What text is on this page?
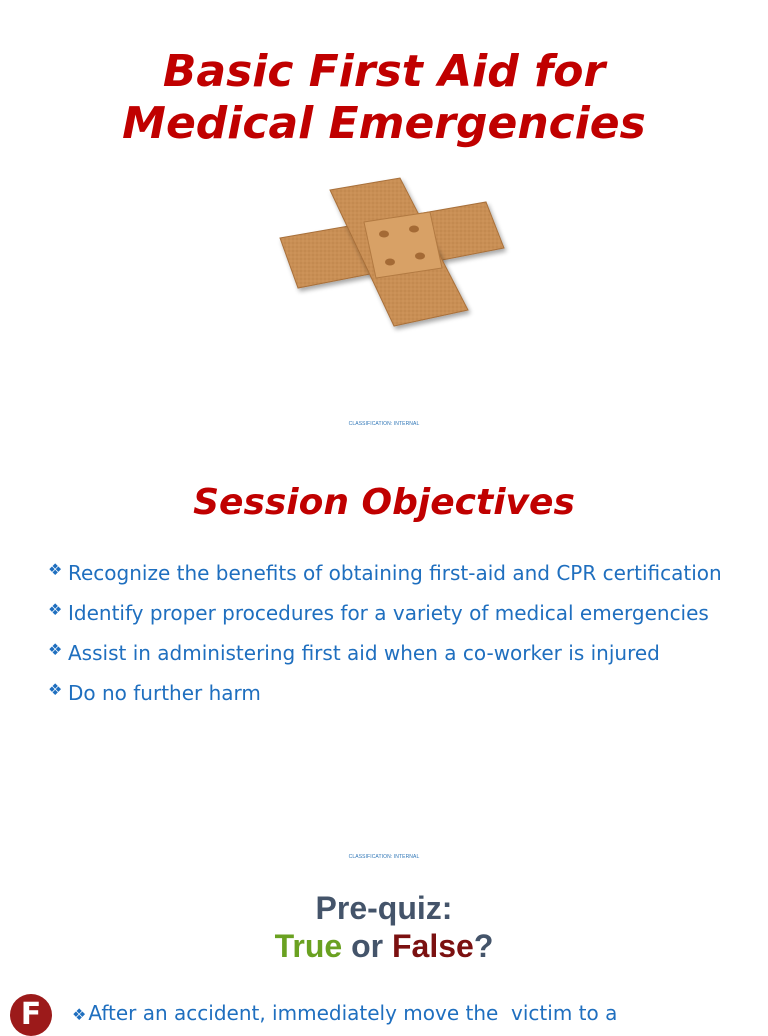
Basic First Aid for
Medical Emergencies
CLASSIFICATION: INTERNAL
Session Objectives
❖ Recognize the benefits of obtaining first-aid and CPR certification
❖ Identify proper procedures for a variety of medical emergencies
❖ Assist in administering first aid when a co-worker is injured
❖ Do no further harm
CLASSIFICATION: INTERNAL
Pre-quiz:
True or False?
F	❖ After an accident, immediately move the  victim to a
